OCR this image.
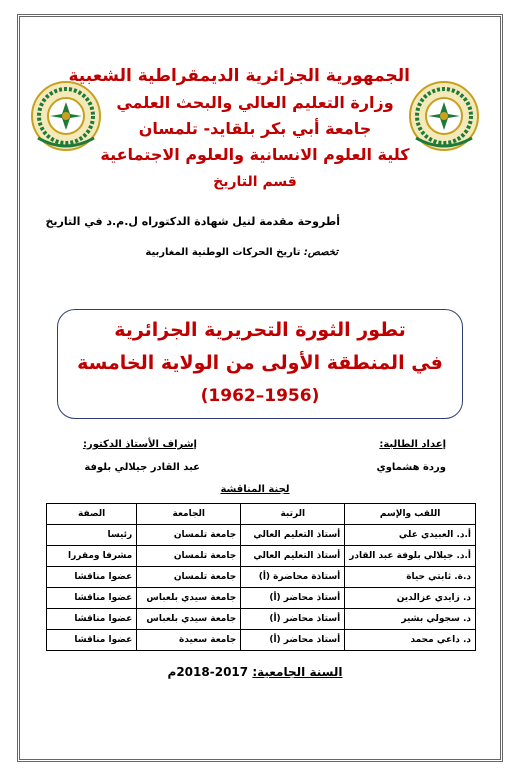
الجمهورية الجزائرية الديمقراطية الشعبية
وزارة التعليم العالي والبحث العلمي
جامعة أبي بكر بلقايد- تلمسان
كلية العلوم الانسانية والعلوم الاجتماعية
قسم التاريخ
أطروحة مقدمة لنيل شهادة الدكتوراه ل.م.د في التاريخ
تخصص: تاريخ الحركات الوطنية المغاربية
تطور الثورة التحريرية الجزائرية
في المنطقة الأولى من الولاية الخامسة
(1956–1962)
إعداد الطالبة:
وردة هشماوي
إشراف الأستاذ الدكتور:
عبد القادر جيلالي بلوفة
لجنة المناقشة
اللقب والإسم	الرتبة	الجامعة	الصفة
أ.د. العبيدي علي	أستاذ التعليم العالي	جامعة تلمسان	رئيسا
أ.د. جيلالي بلوفة عبد القادر	أستاذ التعليم العالي	جامعة تلمسان	مشرفا ومقررا
د.ة. ثابتي حياة	أستاذة محاضرة (أ)	جامعة تلمسان	عضوا مناقشا
د. زايدي عزالدين	أستاذ محاضر (أ)	جامعة سيدي بلعباس	عضوا مناقشا
د. سجولي بشير	أستاذ محاضر (أ)	جامعة سيدي بلعباس	عضوا مناقشا
د. داعي محمد	أستاذ محاضر (أ)	جامعة سعيدة	عضوا مناقشا
السنة الجامعية: 2017-2018م
